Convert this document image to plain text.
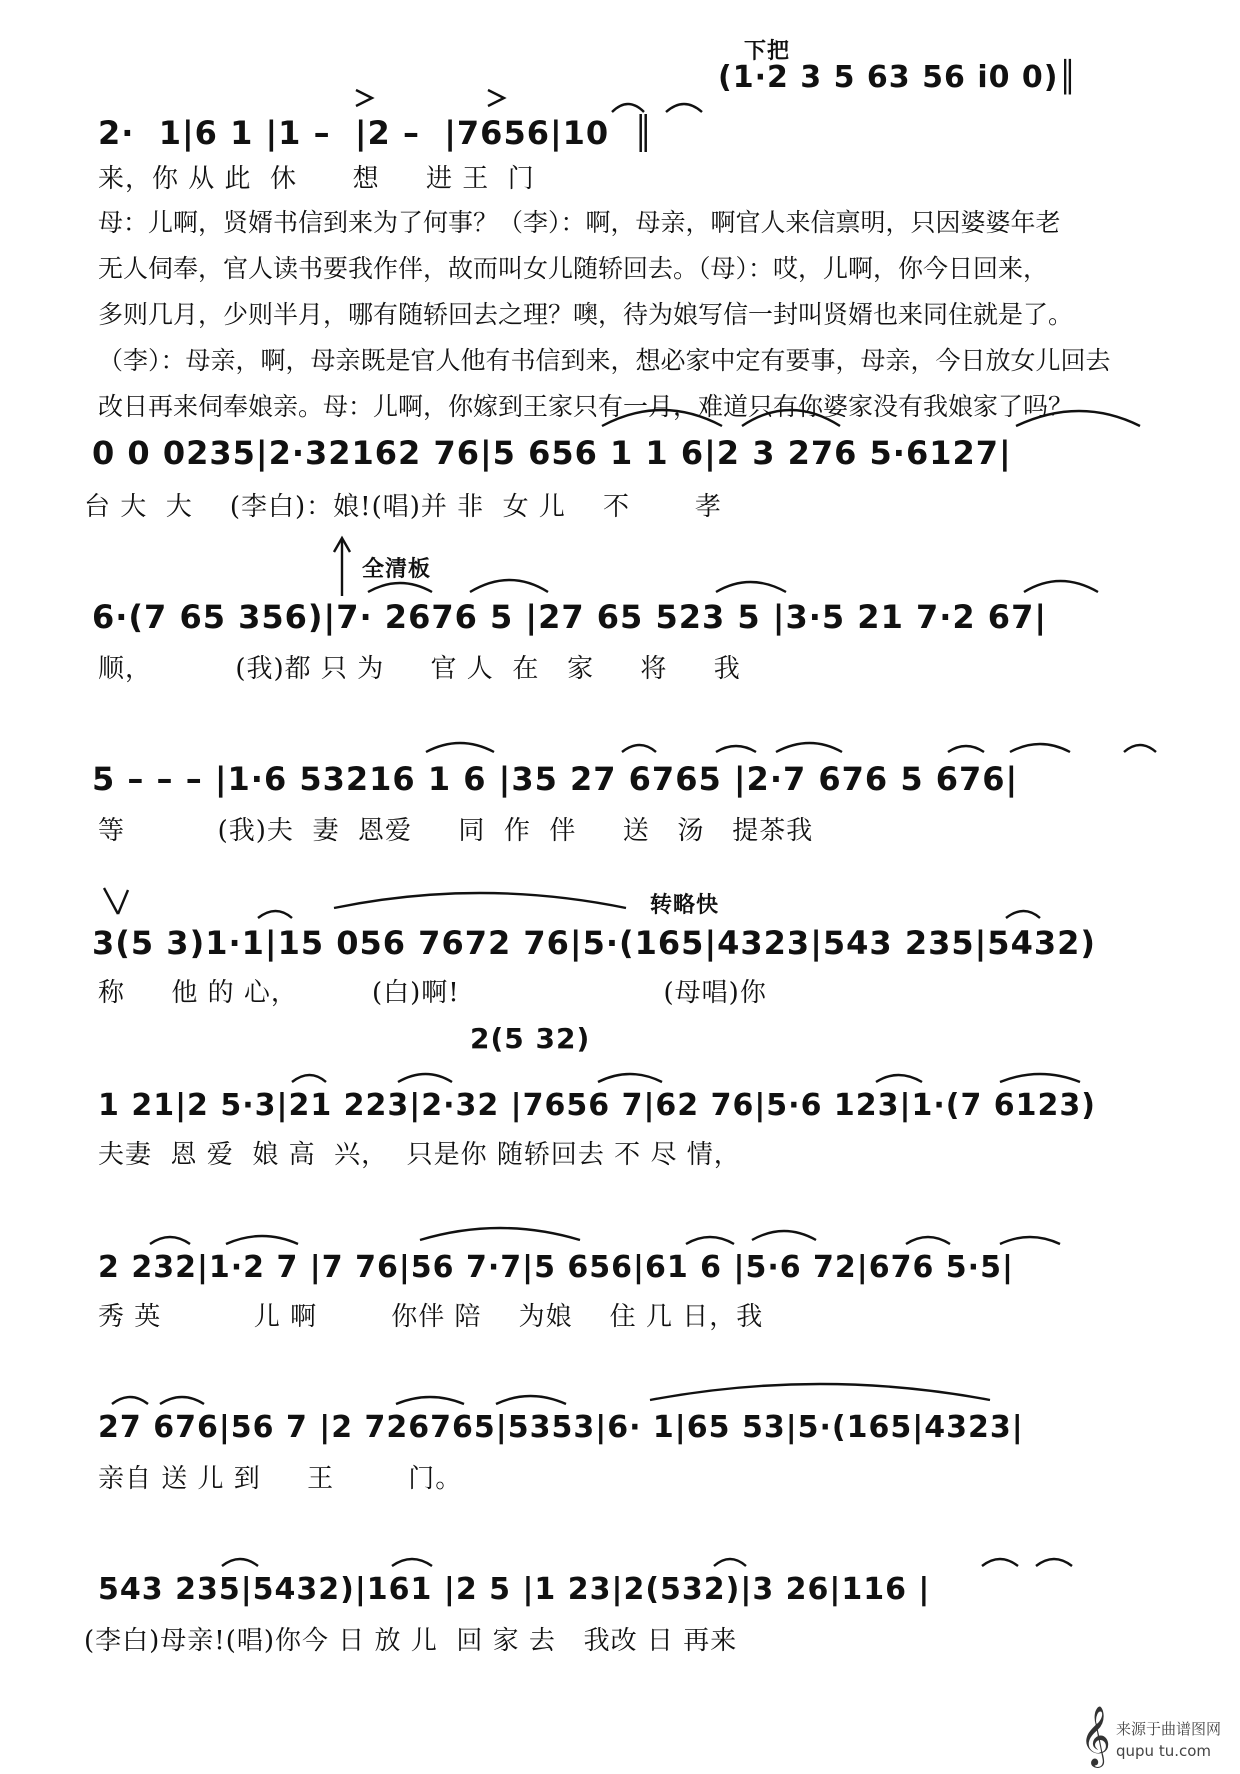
下把
全清板
转略快
(1·2 3 5 63 56 i0 0)║
2·  1|6 1 |1 –  |2 –  |7656|10  ║
来，你 从 此  休      想     进 王  门
母：儿啊，贤婿书信到来为了何事？（李）：啊，母亲，啊官人来信禀明，只因婆婆年老
无人伺奉，官人读书要我作伴，故而叫女儿随轿回去。（母）：哎，儿啊，你今日回来，
多则几月，少则半月，哪有随轿回去之理？噢，待为娘写信一封叫贤婿也来同住就是了。
（李）：母亲，啊，母亲既是官人他有书信到来，想必家中定有要事，母亲，今日放女儿回去
改日再来伺奉娘亲。母：儿啊，你嫁到王家只有一月，难道只有你婆家没有我娘家了吗？
0 0 0235|2·32162 76|5 656 1 1 6|2 3 276 5·6127|
台 大  大    (李白)：娘!(唱)并 非  女 儿    不       孝
6·(7 65 356)|7· 2676 5 |27 65 523 5 |3·5 21 7·2 67|
顺，         (我)都 只 为     官 人  在   家     将     我
5 – – – |1·6 53216 1 6 |35 27 6765 |2·7 676 5 676|
等          (我)夫  妻  恩爱     同  作  伴     送   汤   提茶我
3(5 3)1·1|15 056 7672 76|5·(165|4323|543 235|5432)
称     他 的 心，        (白)啊!                      (母唱)你
2(5 32)
1 21|2 5·3|21 223|2·32 |7656 7|62 76|5·6 123|1·(7 6123)
夫妻  恩 爱  娘 高  兴，  只是你 随轿回去 不 尽 情，
2 232|1·2 7 |7 76|56 7·7|5 656|61 6 |5·6 72|676 5·5|
秀 英          儿 啊        你伴 陪    为娘    住 几 日，我
27 676|56 7 |2 726765|5353|6· 1|65 53|5·(165|4323|
亲自 送 儿 到     王        门。
543 235|5432)|161 |2 5 |1 23|2(532)|3 26|116 |
(李白)母亲!(唱)你今 日 放 儿  回 家 去   我改 日 再来
𝄞 来源于曲谱图网
qupu tu.com
